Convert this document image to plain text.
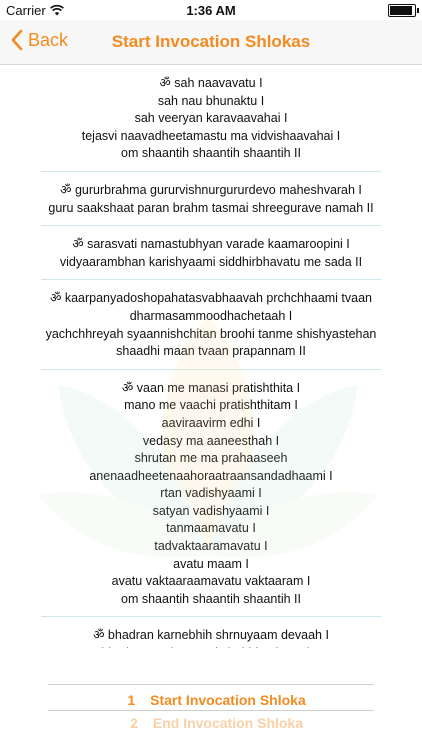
Carrier	1:36 AM
Back	Start Invocation Shlokas
ॐ sah naavavatu I
sah nau bhunaktu I
sah veeryan karavaavahai I
tejasvi naavadheetamastu ma vidvishaavahai I
om shaantih shaantih shaantih II
ॐ gururbrahma gururvishnurgururdevo maheshvarah I
guru saakshaat paran brahm tasmai shreegurave namah II
ॐ sarasvati namastubhyan varade kaamaroopini I
vidyaarambhan karishyaami siddhirbhavatu me sada II
ॐ kaarpanyadoshopahatasvabhaavah prchchhaami tvaan
dharmasammoodhachetaah I
yachchhreyah syaannishchitan broohi tanme shishyastehan
shaadhi maan tvaan prapannam II
ॐ vaan me manasi pratishthita I
mano me vaachi pratishthitam I
aaviraavirm edhi I
vedasy ma aaneesthah I
shrutan me ma prahaaseeh
anenaadheetenaahoraatraansandadhaami I
rtan vadishyaami I
satyan vadishyaami I
tanmaamavatu I
tadvaktaaramavatu I
avatu maam I
avatu vaktaaraamavatu vaktaaram I
om shaantih shaantih shaantih II
ॐ bhadran karnebhih shrnuyaam devaah I
1 Start Invocation Shloka
2 End Invocation Shloka
